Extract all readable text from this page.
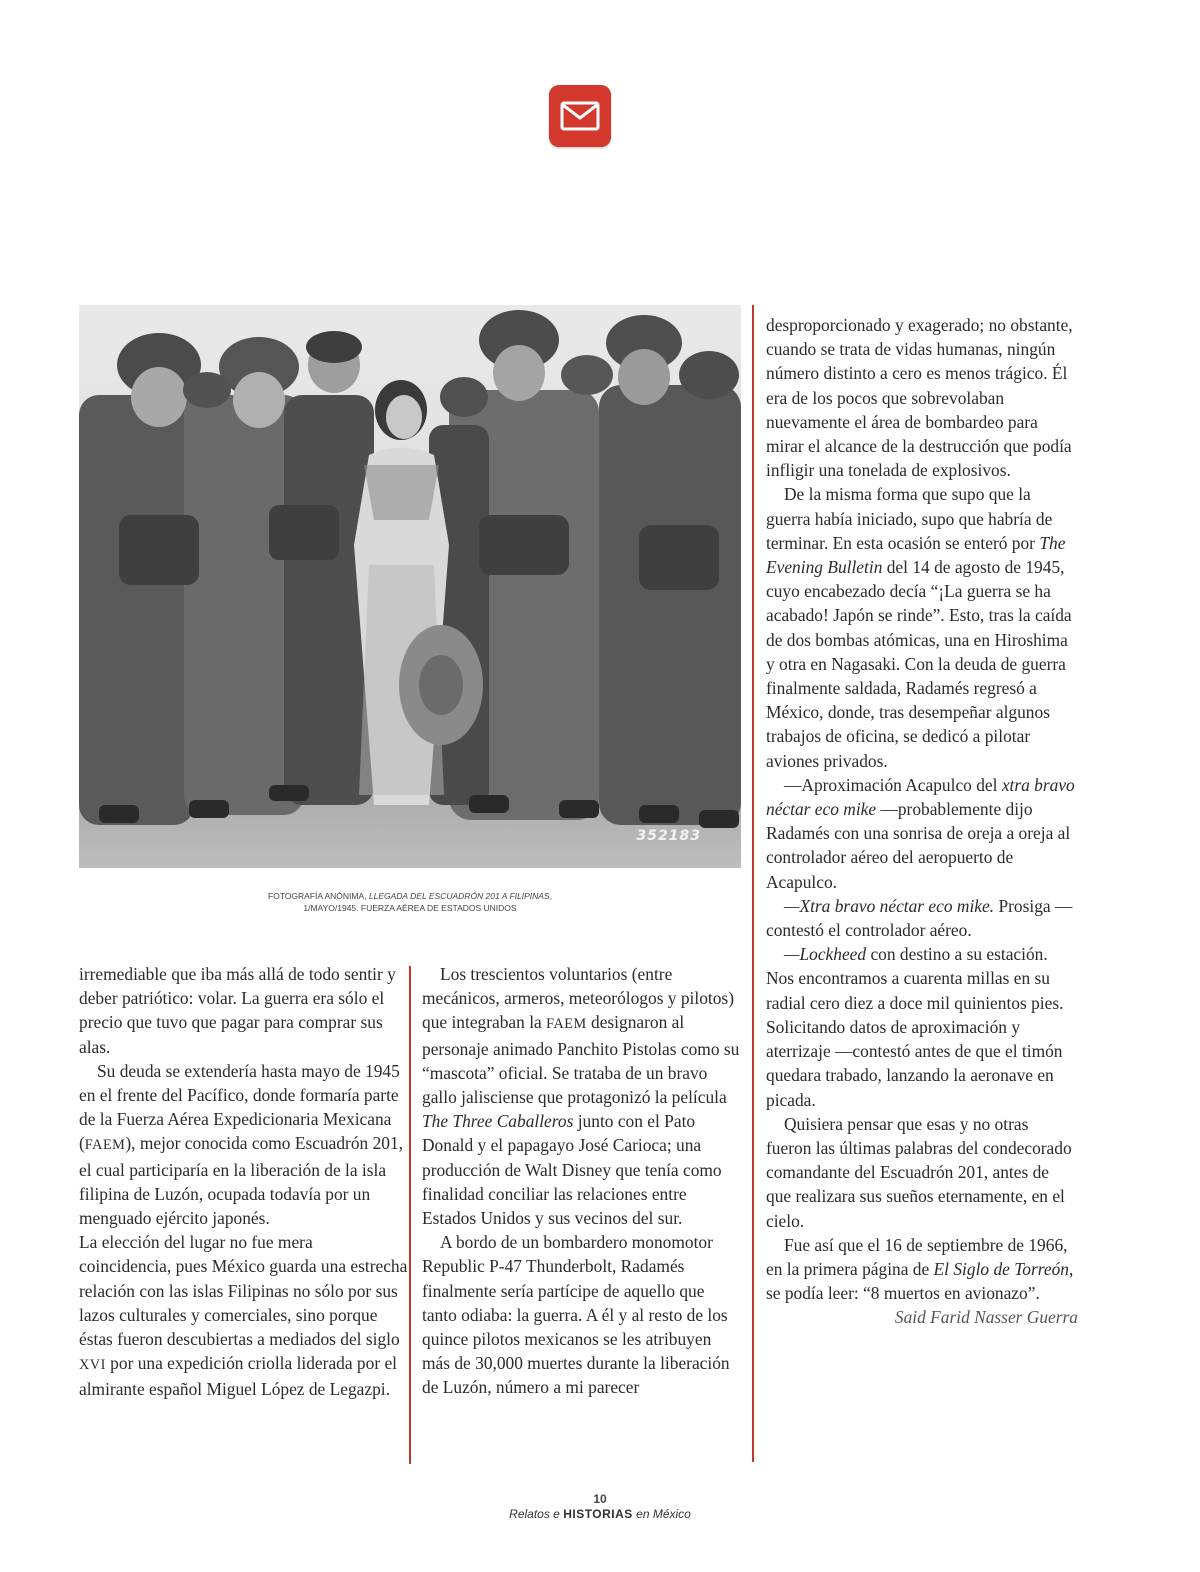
352183
FOTOGRAFÍA ANÓNIMA, LLEGADA DEL ESCUADRÓN 201 A FILIPINAS,
1/MAYO/1945. FUERZA AÉREA DE ESTADOS UNIDOS

irremediable que iba más allá de todo sentir y deber patriótico: volar. La guerra era sólo el precio que tuvo que pagar para comprar sus alas.

Su deuda se extendería hasta mayo de 1945 en el frente del Pacífico, donde formaría parte de la Fuerza Aérea Expedicionaria Mexicana (FAEM), mejor conocida como Escuadrón 201, el cual participaría en la liberación de la isla filipina de Luzón, ocupada todavía por un menguado ejército japonés.

La elección del lugar no fue mera coincidencia, pues México guarda una estrecha relación con las islas Filipinas no sólo por sus lazos culturales y comerciales, sino porque éstas fueron descubiertas a mediados del siglo XVI por una expedición criolla liderada por el almirante español Miguel López de Legazpi.

Los trescientos voluntarios (entre mecánicos, armeros, meteorólogos y pilotos) que integraban la FAEM designaron al personaje animado Panchito Pistolas como su “mascota” oficial. Se trataba de un bravo gallo jalisciense que protagonizó la película The Three Caballeros junto con el Pato Donald y el papagayo José Carioca; una producción de Walt Disney que tenía como finalidad conciliar las relaciones entre Estados Unidos y sus vecinos del sur.

A bordo de un bombardero monomotor Republic P-47 Thunderbolt, Radamés finalmente sería partícipe de aquello que tanto odiaba: la guerra. A él y al resto de los quince pilotos mexicanos se les atribuyen más de 30,000 muertes durante la liberación de Luzón, número a mi parecer

desproporcionado y exagerado; no obstante, cuando se trata de vidas humanas, ningún número distinto a cero es menos trágico. Él era de los pocos que sobrevolaban nuevamente el área de bombardeo para mirar el alcance de la destrucción que podía infligir una tonelada de explosivos.

De la misma forma que supo que la guerra había iniciado, supo que habría de terminar. En esta ocasión se enteró por The Evening Bulletin del 14 de agosto de 1945, cuyo encabezado decía “¡La guerra se ha acabado! Japón se rinde”. Esto, tras la caída de dos bombas atómicas, una en Hiroshima y otra en Nagasaki. Con la deuda de guerra finalmente saldada, Radamés regresó a México, donde, tras desempeñar algunos trabajos de oficina, se dedicó a pilotar aviones privados.

—Aproximación Acapulco del xtra bravo néctar eco mike —probablemente dijo Radamés con una sonrisa de oreja a oreja al controlador aéreo del aeropuerto de Acapulco.

—Xtra bravo néctar eco mike. Prosiga —contestó el controlador aéreo.

—Lockheed con destino a su estación. Nos encontramos a cuarenta millas en su radial cero diez a doce mil quinientos pies. Solicitando datos de aproximación y aterrizaje —contestó antes de que el timón quedara trabado, lanzando la aeronave en picada.

Quisiera pensar que esas y no otras fueron las últimas palabras del condecorado comandante del Escuadrón 201, antes de que realizara sus sueños eternamente, en el cielo.

Fue así que el 16 de septiembre de 1966, en la primera página de El Siglo de Torreón, se podía leer: “8 muertos en avionazo”.

Said Farid Nasser Guerra

10
Relatos e HISTORIAS en México
